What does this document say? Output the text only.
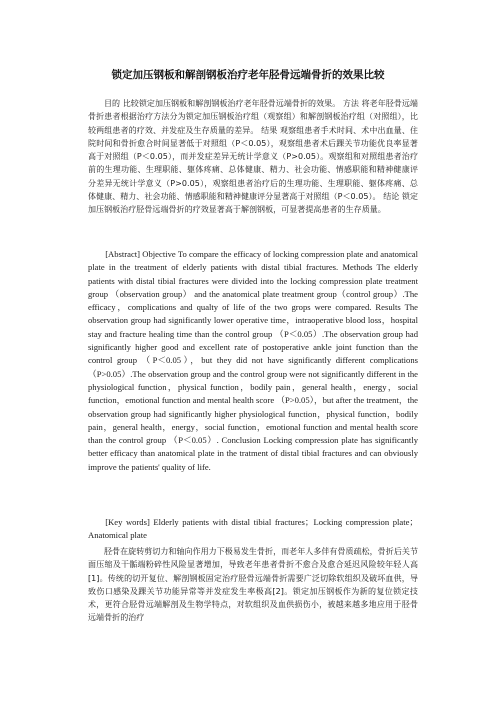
锁定加压钢板和解剖钢板治疗老年胫骨远端骨折的效果比较

目的 比较锁定加压钢板和解剖钢板治疗老年胫骨远端骨折的效果。 方法 将老年胫骨远端骨折患者根据治疗方法分为锁定加压钢板治疗组（观察组）和解剖钢板治疗组（对照组），比较两组患者的疗效、并发症及生存质量的差异。 结果 观察组患者手术时间、术中出血量、住院时间和骨折愈合时间显著低于对照组（P＜0.05），观察组患者术后踝关节功能优良率显著高于对照组（P＜0.05），而并发症差异无统计学意义（P>0.05）。观察组和对照组患者治疗前的生理功能、生理职能、躯体疼痛、总体健康、精力、社会功能、情感职能和精神健康评分差异无统计学意义（P>0.05），观察组患者治疗后的生理功能、生理职能、躯体疼痛、总体健康、精力、社会功能、情感职能和精神健康评分显著高于对照组（P＜0.05）。 结论 锁定加压钢板治疗胫骨远端骨折的疗效显著高于解剖钢板，可显著提高患者的生存质量。

[Abstract] Objective To compare the efficacy of locking compression plate and anatomical plate in the treatment of elderly patients with distal tibial fractures. Methods The elderly patients with distal tibial fractures were divided into the locking compression plate treatment group （observation group） and the anatomical plate treatment group（control group）.The efficacy，complications and qualty of life of the two grops were compared. Results The observation group had significantly lower operative time，intraoperative blood loss，hospital stay and fracture healing time than the control group （P＜0.05）.The observation group had significantly higher good and excellent rate of postoperative ankle joint function than the control group （P＜0.05），but they did not have significantly different complications （P>0.05）.The observation group and the control group were not significantly different in the physiological function，physical function，bodily pain，general health，energy，social function，emotional function and mental health score （P>0.05），but after the treatment，the observation group had significantly higher physiological function，physical function，bodily pain，general health，energy，social function，emotional function and mental health score than the control group （P＜0.05）. Conclusion Locking compression plate has significantly better efficacy than anatomical plate in the tratment of distal tibial fractures and can obviously improve the patients' quality of life.

[Key words] Elderly patients with distal tibial fractures；Locking compression plate；Anatomical plate

胫骨在旋转剪切力和轴向作用力下极易发生骨折，而老年人多伴有骨质疏松，骨折后关节面压缩及干骺端粉碎性风险显著增加，导致老年患者骨折不愈合及愈合延迟风险较年轻人高[1]。传统的切开复位、解剖钢板固定治疗胫骨远端骨折需要广泛切除软组织及破坏血供，导致伤口感染及踝关节功能异常等并发症发生率极高[2]。锁定加压钢板作为新的复位锁定技术，更符合胫骨远端解剖及生物学特点，对软组织及血供损伤小，被越来越多地应用于胫骨远端骨折的治疗
